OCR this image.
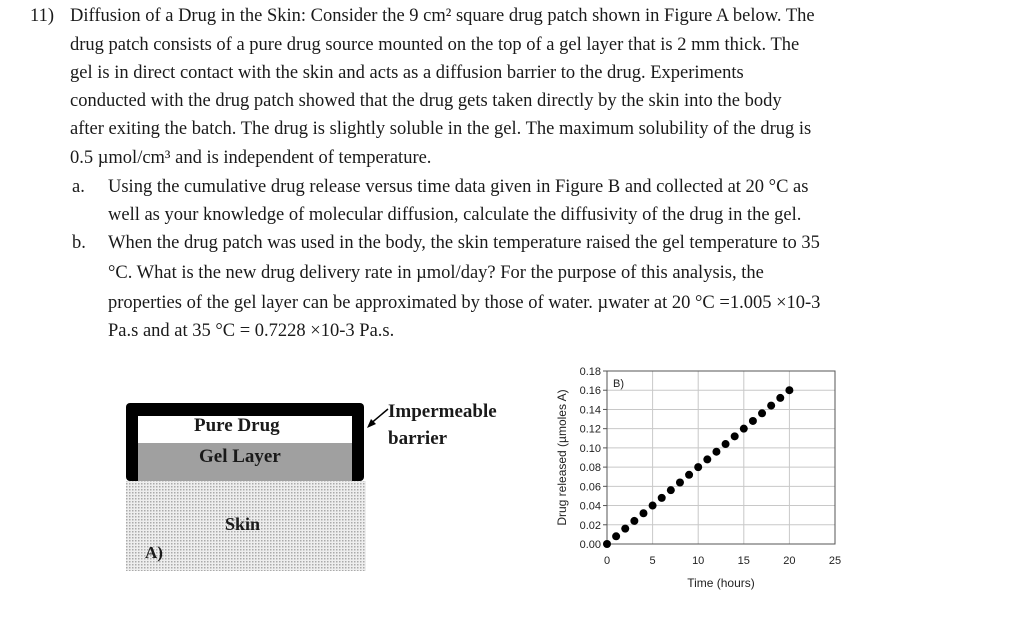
11) Diffusion of a Drug in the Skin: Consider the 9 cm² square drug patch shown in Figure A below. The
drug patch consists of a pure drug source mounted on the top of a gel layer that is 2 mm thick. The
gel is in direct contact with the skin and acts as a diffusion barrier to the drug. Experiments
conducted with the drug patch showed that the drug gets taken directly by the skin into the body
after exiting the batch. The drug is slightly soluble in the gel. The maximum solubility of the drug is
0.5 µmol/cm³ and is independent of temperature.
a. Using the cumulative drug release versus time data given in Figure B and collected at 20 °C as
well as your knowledge of molecular diffusion, calculate the diffusivity of the drug in the gel.
b. When the drug patch was used in the body, the skin temperature raised the gel temperature to 35
°C. What is the new drug delivery rate in µmol/day? For the purpose of this analysis, the
properties of the gel layer can be approximated by those of water. µwater at 20 °C =1.005 ×10-3
Pa.s and at 35 °C = 0.7228 ×10-3 Pa.s.
Pure Drug
Gel Layer
Skin
A)
Impermeable
barrier
0	5	10	15	20	25
0.00
0.02
0.04
0.06
0.08
0.10
0.12
0.14
0.16
0.18
B)
Time (hours)
Drug released (µmoles A)
